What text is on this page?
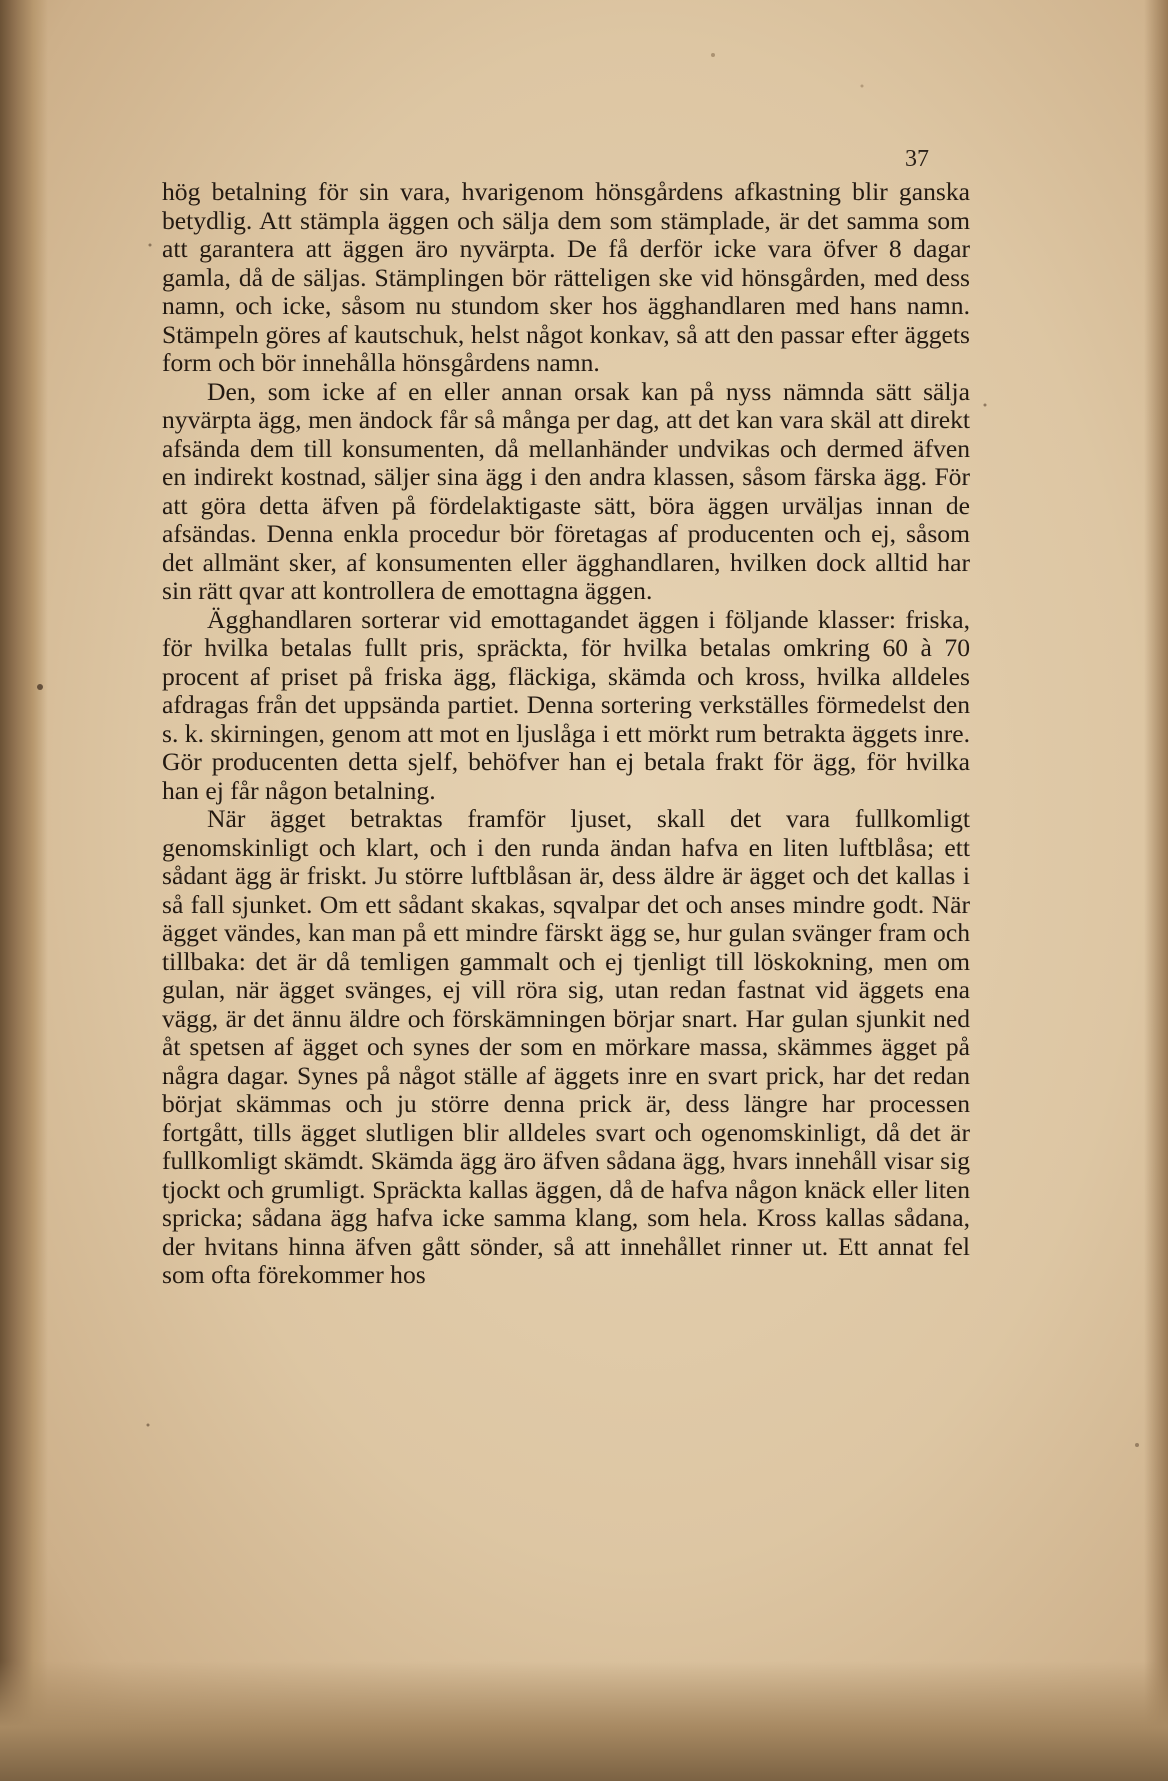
37

hög betalning för sin vara, hvarigenom hönsgårdens afkastning blir ganska betydlig. Att stämpla äggen och sälja dem som stämplade, är det samma som att garantera att äggen äro nyvärpta. De få derför icke vara öfver 8 dagar gamla, då de säljas. Stämplingen bör rätteligen ske vid hönsgården, med dess namn, och icke, såsom nu stundom sker hos ägghandlaren med hans namn. Stämpeln göres af kautschuk, helst något konkav, så att den passar efter äggets form och bör innehålla hönsgårdens namn.

Den, som icke af en eller annan orsak kan på nyss nämnda sätt sälja nyvärpta ägg, men ändock får så många per dag, att det kan vara skäl att direkt afsända dem till konsumenten, då mellanhänder undvikas och dermed äfven en indirekt kostnad, säljer sina ägg i den andra klassen, såsom färska ägg. För att göra detta äfven på fördelaktigaste sätt, böra äggen urväljas innan de afsändas. Denna enkla procedur bör företagas af producenten och ej, såsom det allmänt sker, af konsumenten eller ägghandlaren, hvilken dock alltid har sin rätt qvar att kontrollera de emottagna äggen.

Ägghandlaren sorterar vid emottagandet äggen i följande klasser: friska, för hvilka betalas fullt pris, spräckta, för hvilka betalas omkring 60 à 70 procent af priset på friska ägg, fläckiga, skämda och kross, hvilka alldeles afdragas från det uppsända partiet. Denna sortering verkställes förmedelst den s. k. skirningen, genom att mot en ljuslåga i ett mörkt rum betrakta äggets inre. Gör producenten detta sjelf, behöfver han ej betala frakt för ägg, för hvilka han ej får någon betalning.

När ägget betraktas framför ljuset, skall det vara fullkomligt genomskinligt och klart, och i den runda ändan hafva en liten luftblåsa; ett sådant ägg är friskt. Ju större luftblåsan är, dess äldre är ägget och det kallas i så fall sjunket. Om ett sådant skakas, sqvalpar det och anses mindre godt. När ägget vändes, kan man på ett mindre färskt ägg se, hur gulan svänger fram och tillbaka: det är då temligen gammalt och ej tjenligt till löskokning, men om gulan, när ägget svänges, ej vill röra sig, utan redan fastnat vid äggets ena vägg, är det ännu äldre och förskämningen börjar snart. Har gulan sjunkit ned åt spetsen af ägget och synes der som en mörkare massa, skämmes ägget på några dagar. Synes på något ställe af äggets inre en svart prick, har det redan börjat skämmas och ju större denna prick är, dess längre har processen fortgått, tills ägget slutligen blir alldeles svart och ogenomskinligt, då det är fullkomligt skämdt. Skämda ägg äro äfven sådana ägg, hvars innehåll visar sig tjockt och grumligt. Spräckta kallas äggen, då de hafva någon knäck eller liten spricka; sådana ägg hafva icke samma klang, som hela. Kross kallas sådana, der hvitans hinna äfven gått sönder, så att innehållet rinner ut. Ett annat fel som ofta förekommer hos
